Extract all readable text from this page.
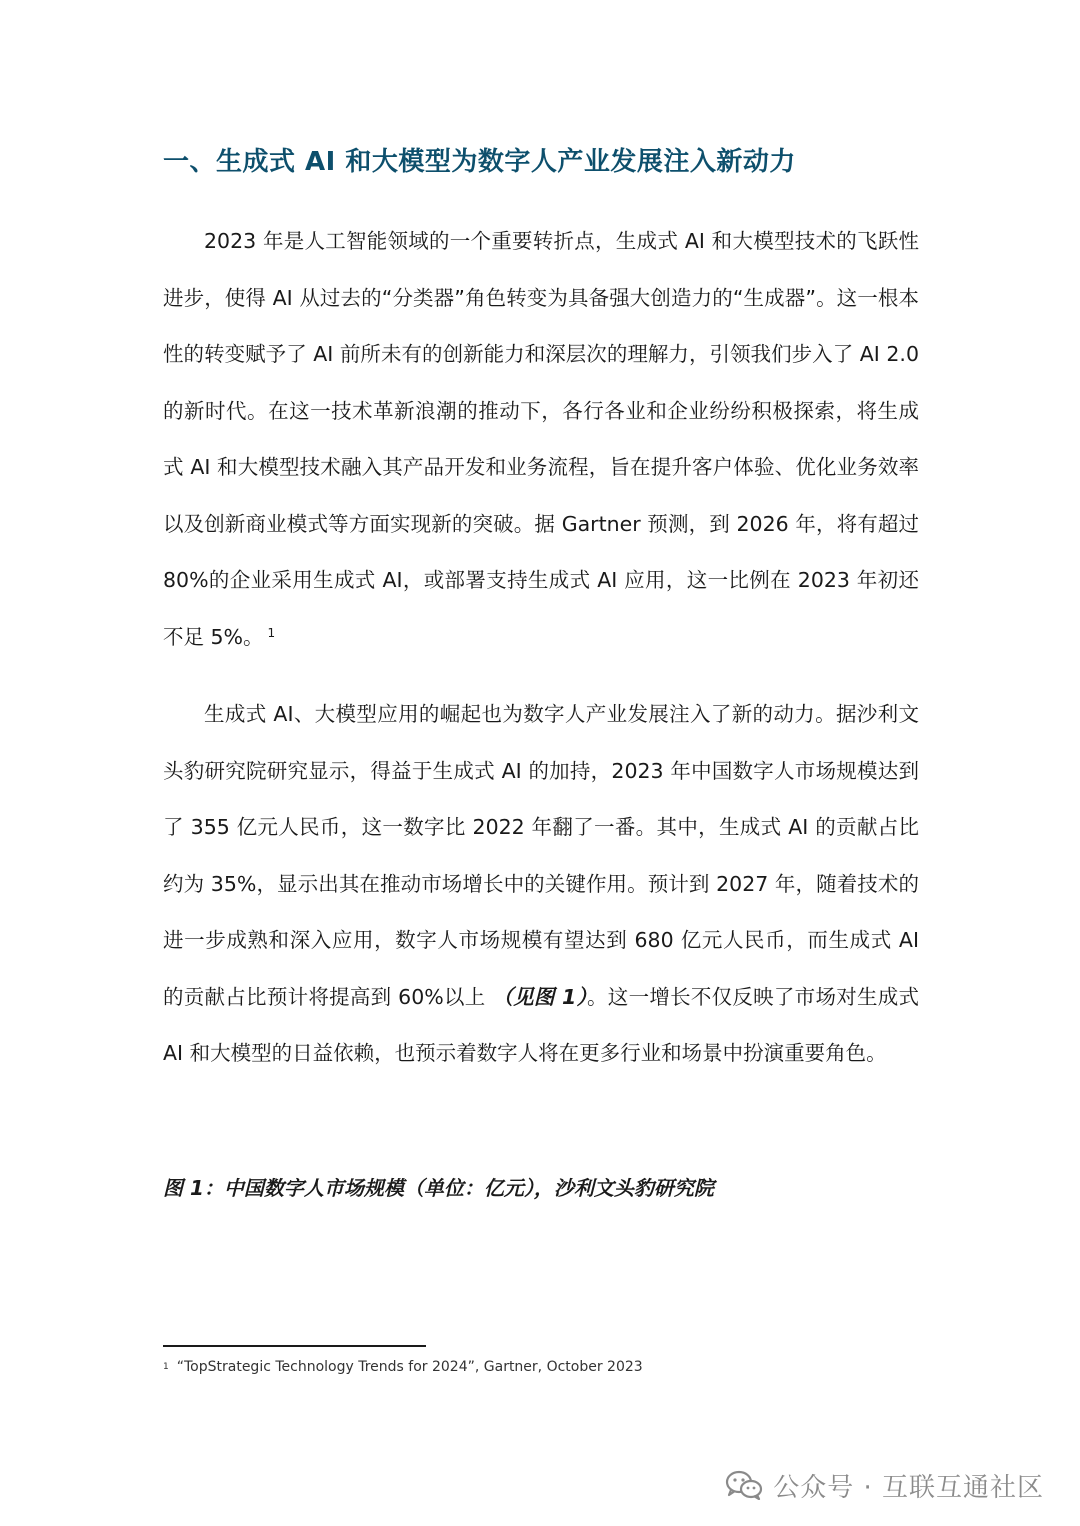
一、生成式 AI 和大模型为数字人产业发展注入新动力

2023 年是人工智能领域的一个重要转折点，生成式 AI 和大模型技术的飞跃性进步，使得 AI 从过去的“分类器”角色转变为具备强大创造力的“生成器”。这一根本性的转变赋予了 AI 前所未有的创新能力和深层次的理解力，引领我们步入了 AI 2.0 的新时代。在这一技术革新浪潮的推动下，各行各业和企业纷纷积极探索，将生成式 AI 和大模型技术融入其产品开发和业务流程，旨在提升客户体验、优化业务效率以及创新商业模式等方面实现新的突破。据 Gartner 预测，到 2026 年，将有超过 80%的企业采用生成式 AI，或部署支持生成式 AI 应用，这一比例在 2023 年初还不足 5%。 $^1$

生成式 AI、大模型应用的崛起也为数字人产业发展注入了新的动力。据沙利文头豹研究院研究显示，得益于生成式 AI 的加持，2023 年中国数字人市场规模达到了 355 亿元人民币，这一数字比 2022 年翻了一番。其中，生成式 AI 的贡献占比约为 35%，显示出其在推动市场增长中的关键作用。预计到 2027 年，随着技术的进一步成熟和深入应用，数字人市场规模有望达到 680 亿元人民币，而生成式 AI 的贡献占比预计将提高到 60%以上 （见图 1）。这一增长不仅反映了市场对生成式 AI 和大模型的日益依赖，也预示着数字人将在更多行业和场景中扮演重要角色。

图 1：中国数字人市场规模（单位：亿元），沙利文头豹研究院
$^1$ “TopStrategic Technology Trends for 2024”, Gartner, October 2023
公众号 · 互联互通社区
